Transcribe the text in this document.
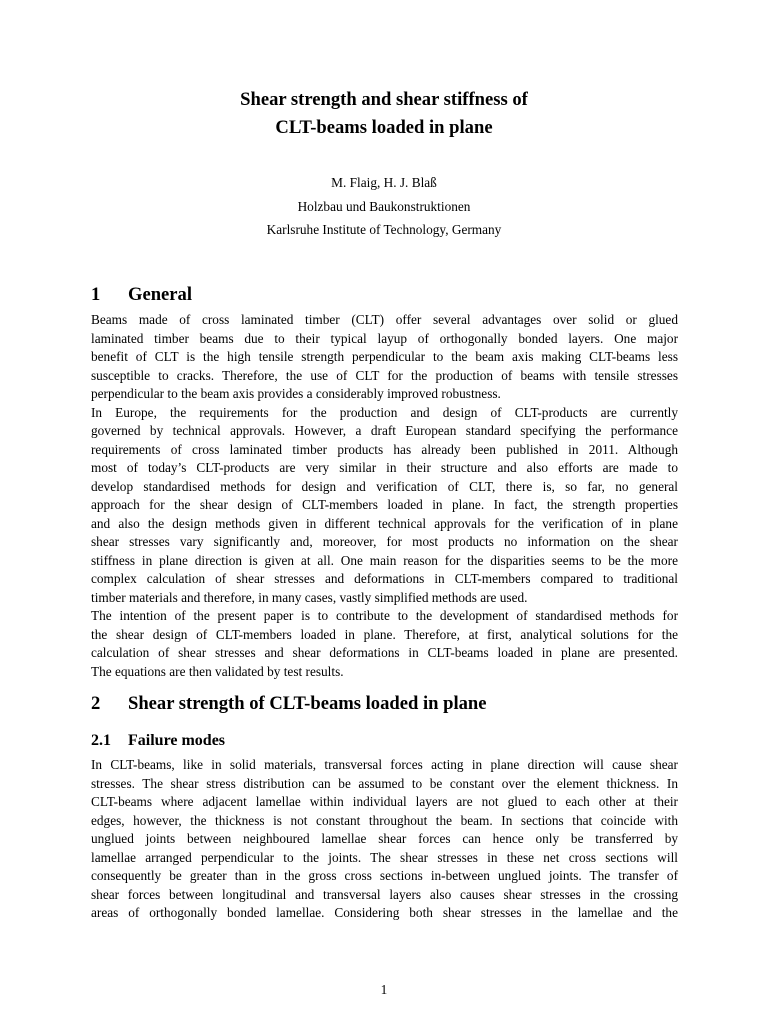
Shear strength and shear stiffness of
CLT-beams loaded in plane
M. Flaig, H. J. Blaß
Holzbau und Baukonstruktionen
Karlsruhe Institute of Technology, Germany
1 General
Beams made of cross laminated timber (CLT) offer several advantages over solid or glued
laminated timber beams due to their typical layup of orthogonally bonded layers. One major
benefit of CLT is the high tensile strength perpendicular to the beam axis making CLT-beams less
susceptible to cracks. Therefore, the use of CLT for the production of beams with tensile stresses
perpendicular to the beam axis provides a considerably improved robustness.
In Europe, the requirements for the production and design of CLT-products are currently
governed by technical approvals. However, a draft European standard specifying the performance
requirements of cross laminated timber products has already been published in 2011. Although
most of today’s CLT-products are very similar in their structure and also efforts are made to
develop standardised methods for design and verification of CLT, there is, so far, no general
approach for the shear design of CLT-members loaded in plane. In fact, the strength properties
and also the design methods given in different technical approvals for the verification of in plane
shear stresses vary significantly and, moreover, for most products no information on the shear
stiffness in plane direction is given at all. One main reason for the disparities seems to be the more
complex calculation of shear stresses and deformations in CLT-members compared to traditional
timber materials and therefore, in many cases, vastly simplified methods are used.
The intention of the present paper is to contribute to the development of standardised methods for
the shear design of CLT-members loaded in plane. Therefore, at first, analytical solutions for the
calculation of shear stresses and shear deformations in CLT-beams loaded in plane are presented.
The equations are then validated by test results.
2 Shear strength of CLT-beams loaded in plane
2.1 Failure modes
In CLT-beams, like in solid materials, transversal forces acting in plane direction will cause shear
stresses. The shear stress distribution can be assumed to be constant over the element thickness. In
CLT-beams where adjacent lamellae within individual layers are not glued to each other at their
edges, however, the thickness is not constant throughout the beam. In sections that coincide with
unglued joints between neighboured lamellae shear forces can hence only be transferred by
lamellae arranged perpendicular to the joints. The shear stresses in these net cross sections will
consequently be greater than in the gross cross sections in-between unglued joints. The transfer of
shear forces between longitudinal and transversal layers also causes shear stresses in the crossing
areas of orthogonally bonded lamellae. Considering both shear stresses in the lamellae and the
1
